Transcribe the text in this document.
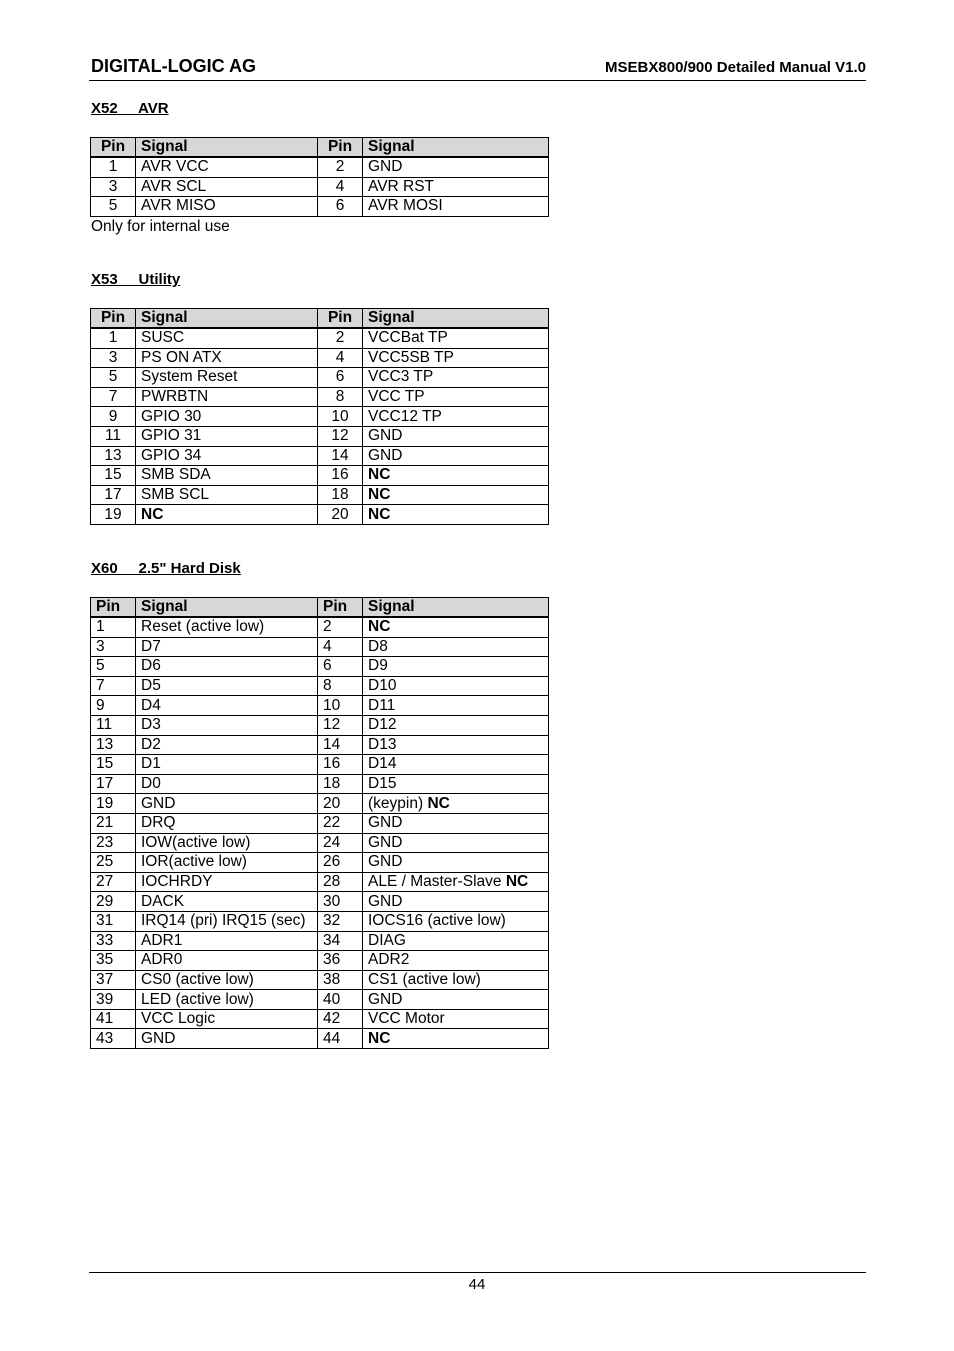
DIGITAL-LOGIC AG	MSEBX800/900 Detailed Manual V1.0
X52 AVR
Pin	Signal	Pin	Signal
1	AVR VCC	2	GND
3	AVR SCL	4	AVR RST
5	AVR MISO	6	AVR MOSI
Only for internal use
X53 Utility
Pin	Signal	Pin	Signal
1	SUSC	2	VCCBat TP
3	PS ON ATX	4	VCC5SB TP
5	System Reset	6	VCC3 TP
7	PWRBTN	8	VCC TP
9	GPIO 30	10	VCC12 TP
11	GPIO 31	12	GND
13	GPIO 34	14	GND
15	SMB SDA	16	NC
17	SMB SCL	18	NC
19	NC	20	NC
X60 2.5" Hard Disk
Pin	Signal	Pin	Signal
1	Reset (active low)	2	NC
3	D7	4	D8
5	D6	6	D9
7	D5	8	D10
9	D4	10	D11
11	D3	12	D12
13	D2	14	D13
15	D1	16	D14
17	D0	18	D15
19	GND	20	(keypin) NC
21	DRQ	22	GND
23	IOW(active low)	24	GND
25	IOR(active low)	26	GND
27	IOCHRDY	28	ALE / Master-Slave NC
29	DACK	30	GND
31	IRQ14 (pri) IRQ15 (sec)	32	IOCS16 (active low)
33	ADR1	34	DIAG
35	ADR0	36	ADR2
37	CS0 (active low)	38	CS1 (active low)
39	LED (active low)	40	GND
41	VCC Logic	42	VCC Motor
43	GND	44	NC
44
